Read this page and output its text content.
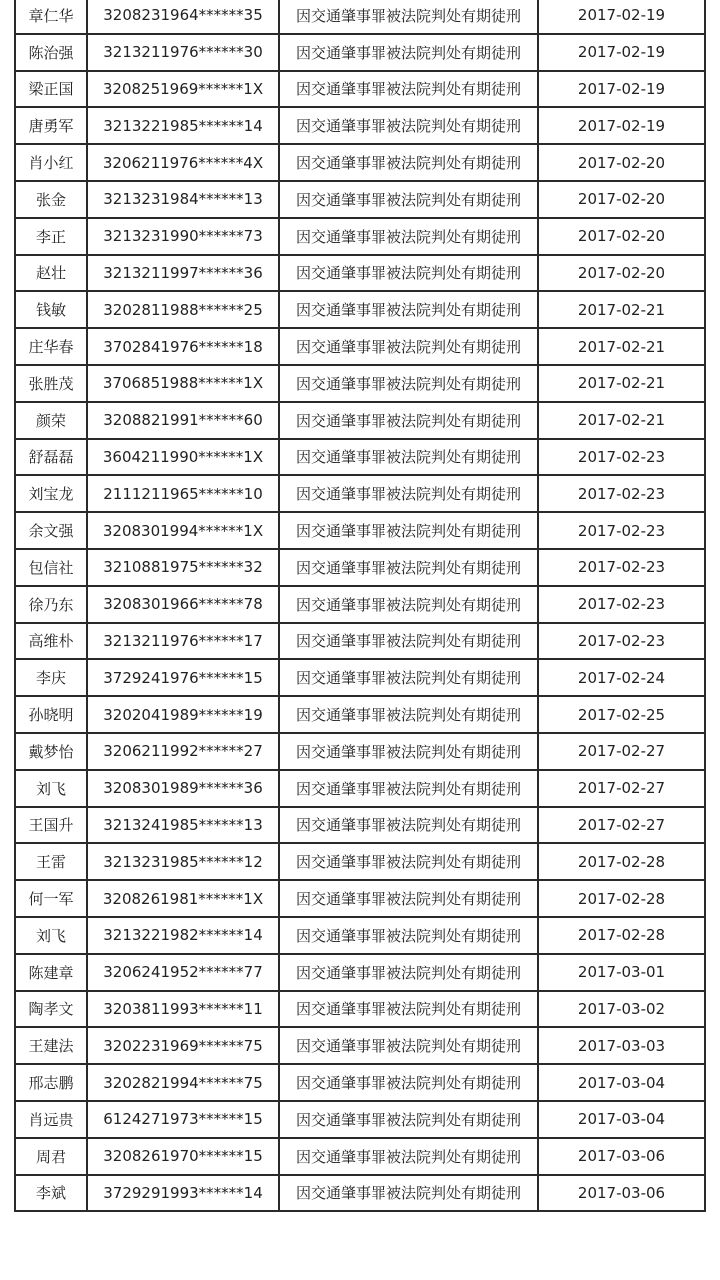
章仁华	3208231964******35	因交通肇事罪被法院判处有期徒刑	2017-02-19
陈治强	3213211976******30	因交通肇事罪被法院判处有期徒刑	2017-02-19
梁正国	3208251969******1X	因交通肇事罪被法院判处有期徒刑	2017-02-19
唐勇军	3213221985******14	因交通肇事罪被法院判处有期徒刑	2017-02-19
肖小红	3206211976******4X	因交通肇事罪被法院判处有期徒刑	2017-02-20
张金	3213231984******13	因交通肇事罪被法院判处有期徒刑	2017-02-20
李正	3213231990******73	因交通肇事罪被法院判处有期徒刑	2017-02-20
赵壮	3213211997******36	因交通肇事罪被法院判处有期徒刑	2017-02-20
钱敏	3202811988******25	因交通肇事罪被法院判处有期徒刑	2017-02-21
庄华春	3702841976******18	因交通肇事罪被法院判处有期徒刑	2017-02-21
张胜茂	3706851988******1X	因交通肇事罪被法院判处有期徒刑	2017-02-21
颜荣	3208821991******60	因交通肇事罪被法院判处有期徒刑	2017-02-21
舒磊磊	3604211990******1X	因交通肇事罪被法院判处有期徒刑	2017-02-23
刘宝龙	2111211965******10	因交通肇事罪被法院判处有期徒刑	2017-02-23
余文强	3208301994******1X	因交通肇事罪被法院判处有期徒刑	2017-02-23
包信社	3210881975******32	因交通肇事罪被法院判处有期徒刑	2017-02-23
徐乃东	3208301966******78	因交通肇事罪被法院判处有期徒刑	2017-02-23
高维朴	3213211976******17	因交通肇事罪被法院判处有期徒刑	2017-02-23
李庆	3729241976******15	因交通肇事罪被法院判处有期徒刑	2017-02-24
孙晓明	3202041989******19	因交通肇事罪被法院判处有期徒刑	2017-02-25
戴梦怡	3206211992******27	因交通肇事罪被法院判处有期徒刑	2017-02-27
刘飞	3208301989******36	因交通肇事罪被法院判处有期徒刑	2017-02-27
王国升	3213241985******13	因交通肇事罪被法院判处有期徒刑	2017-02-27
王雷	3213231985******12	因交通肇事罪被法院判处有期徒刑	2017-02-28
何一军	3208261981******1X	因交通肇事罪被法院判处有期徒刑	2017-02-28
刘飞	3213221982******14	因交通肇事罪被法院判处有期徒刑	2017-02-28
陈建章	3206241952******77	因交通肇事罪被法院判处有期徒刑	2017-03-01
陶孝文	3203811993******11	因交通肇事罪被法院判处有期徒刑	2017-03-02
王建法	3202231969******75	因交通肇事罪被法院判处有期徒刑	2017-03-03
邢志鹏	3202821994******75	因交通肇事罪被法院判处有期徒刑	2017-03-04
肖远贵	6124271973******15	因交通肇事罪被法院判处有期徒刑	2017-03-04
周君	3208261970******15	因交通肇事罪被法院判处有期徒刑	2017-03-06
李斌	3729291993******14	因交通肇事罪被法院判处有期徒刑	2017-03-06
